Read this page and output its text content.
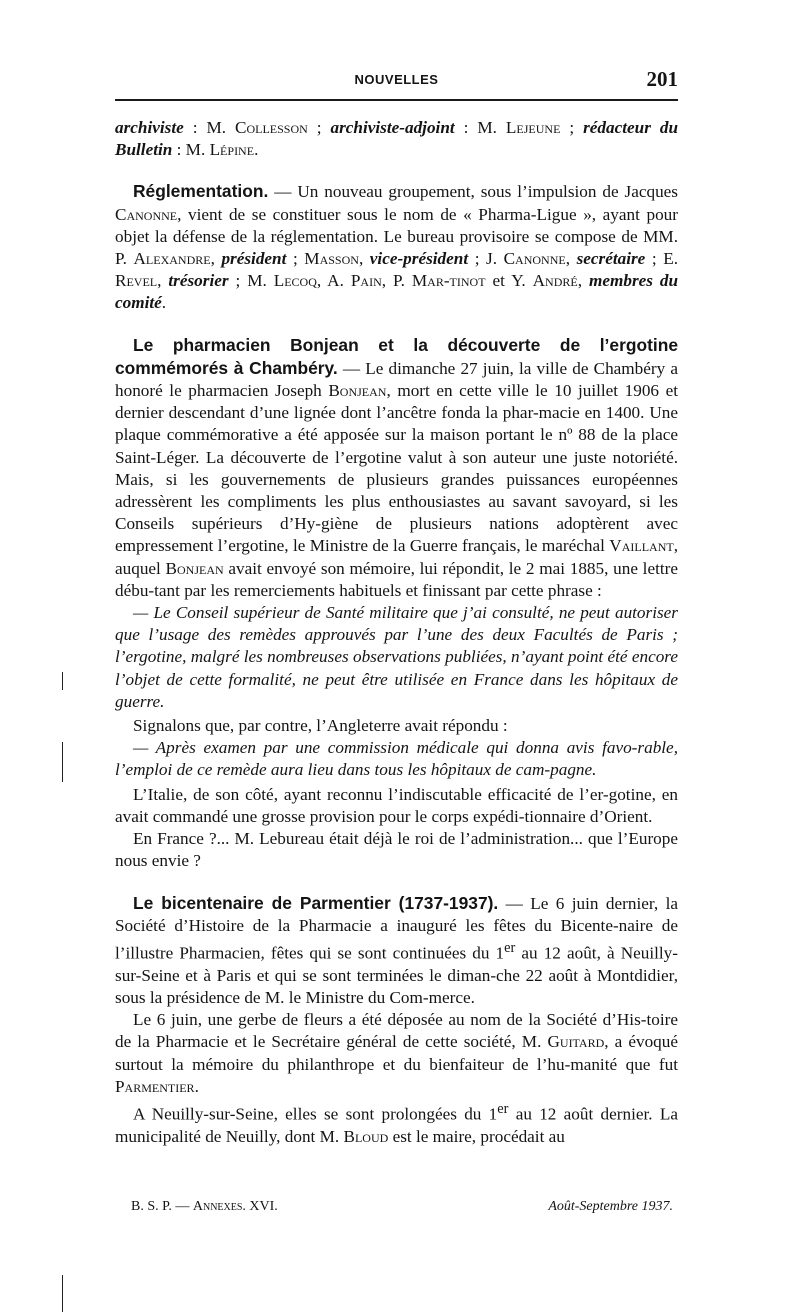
NOUVELLES	201

archiviste : M. Collesson ; archiviste-adjoint : M. Lejeune ; rédacteur du Bulletin : M. Lépine.

Réglementation. — Un nouveau groupement, sous l’impulsion de Jacques Canonne, vient de se constituer sous le nom de « Pharma-Ligue », ayant pour objet la défense de la réglementation. Le bureau provisoire se compose de MM. P. Alexandre, président ; Masson, vice-président ; J. Canonne, secrétaire ; E. Revel, trésorier ; M. Lecoq, A. Pain, P. Mar-tinot et Y. André, membres du comité.

Le pharmacien Bonjean et la découverte de l’ergotine commémorés à Chambéry. — Le dimanche 27 juin, la ville de Chambéry a honoré le pharmacien Joseph Bonjean, mort en cette ville le 10 juillet 1906 et dernier descendant d’une lignée dont l’ancêtre fonda la phar-macie en 1400. Une plaque commémorative a été apposée sur la maison portant le nº 88 de la place Saint-Léger. La découverte de l’ergotine valut à son auteur une juste notoriété. Mais, si les gouvernements de plusieurs grandes puissances européennes adressèrent les compliments les plus enthousiastes au savant savoyard, si les Conseils supérieurs d’Hy-giène de plusieurs nations adoptèrent avec empressement l’ergotine, le Ministre de la Guerre français, le maréchal Vaillant, auquel Bonjean avait envoyé son mémoire, lui répondit, le 2 mai 1885, une lettre débu-tant par les remerciements habituels et finissant par cette phrase :

— Le Conseil supérieur de Santé militaire que j’ai consulté, ne peut autoriser que l’usage des remèdes approuvés par l’une des deux Facultés de Paris ; l’ergotine, malgré les nombreuses observations publiées, n’ayant point été encore l’objet de cette formalité, ne peut être utilisée en France dans les hôpitaux de guerre.

Signalons que, par contre, l’Angleterre avait répondu :

— Après examen par une commission médicale qui donna avis favo-rable, l’emploi de ce remède aura lieu dans tous les hôpitaux de cam-pagne.

L’Italie, de son côté, ayant reconnu l’indiscutable efficacité de l’er-gotine, en avait commandé une grosse provision pour le corps expédi-tionnaire d’Orient.

En France ?... M. Lebureau était déjà le roi de l’administration... que l’Europe nous envie ?

Le bicentenaire de Parmentier (1737-1937). — Le 6 juin dernier, la Société d’Histoire de la Pharmacie a inauguré les fêtes du Bicente-naire de l’illustre Pharmacien, fêtes qui se sont continuées du 1er au 12 août, à Neuilly-sur-Seine et à Paris et qui se sont terminées le diman-che 22 août à Montdidier, sous la présidence de M. le Ministre du Com-merce.

Le 6 juin, une gerbe de fleurs a été déposée au nom de la Société d’His-toire de la Pharmacie et le Secrétaire général de cette société, M. Guitard, a évoqué surtout la mémoire du philanthrope et du bienfaiteur de l’hu-manité que fut Parmentier.

A Neuilly-sur-Seine, elles se sont prolongées du 1er au 12 août dernier. La municipalité de Neuilly, dont M. Bloud est le maire, procédait au

B. S. P. — Annexes. XVI.	Août-Septembre 1937.
